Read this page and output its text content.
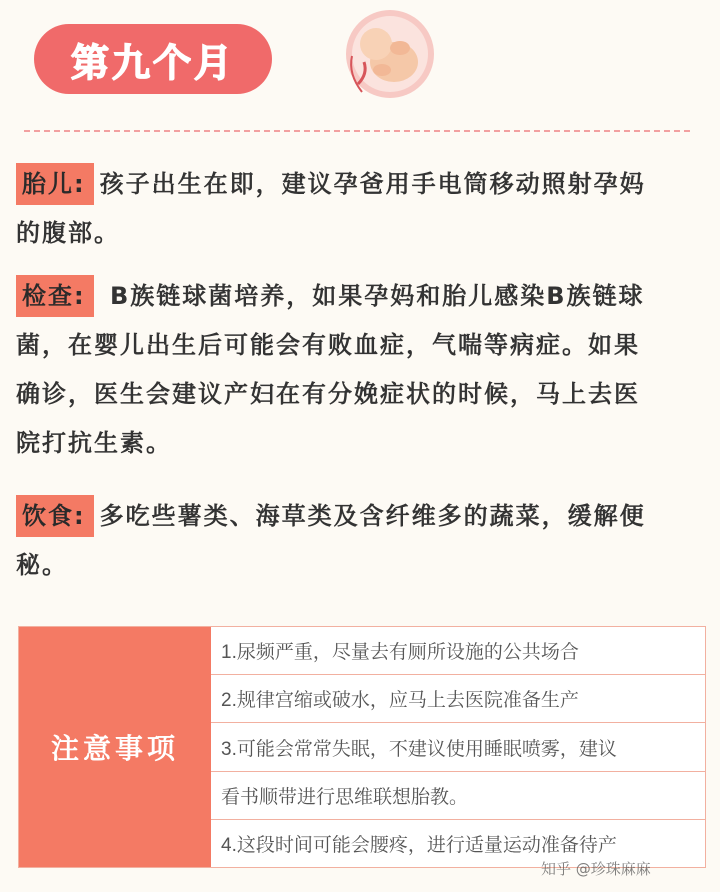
第九个月
胎儿: 孩子出生在即，建议孕爸用手电筒移动照射孕妈
的腹部。
检查: B族链球菌培养，如果孕妈和胎儿感染B族链球
菌，在婴儿出生后可能会有败血症，气喘等病症。如果
确诊，医生会建议产妇在有分娩症状的时候，马上去医
院打抗生素。
饮食: 多吃些薯类、海草类及含纤维多的蔬菜，缓解便
秘。
注意事项
1.尿频严重，尽量去有厕所设施的公共场合
2.规律宫缩或破水，应马上去医院准备生产
3.可能会常常失眠，不建议使用睡眠喷雾，建议
看书顺带进行思维联想胎教。
4.这段时间可能会腰疼，进行适量运动准备待产
知乎 @珍珠麻麻
